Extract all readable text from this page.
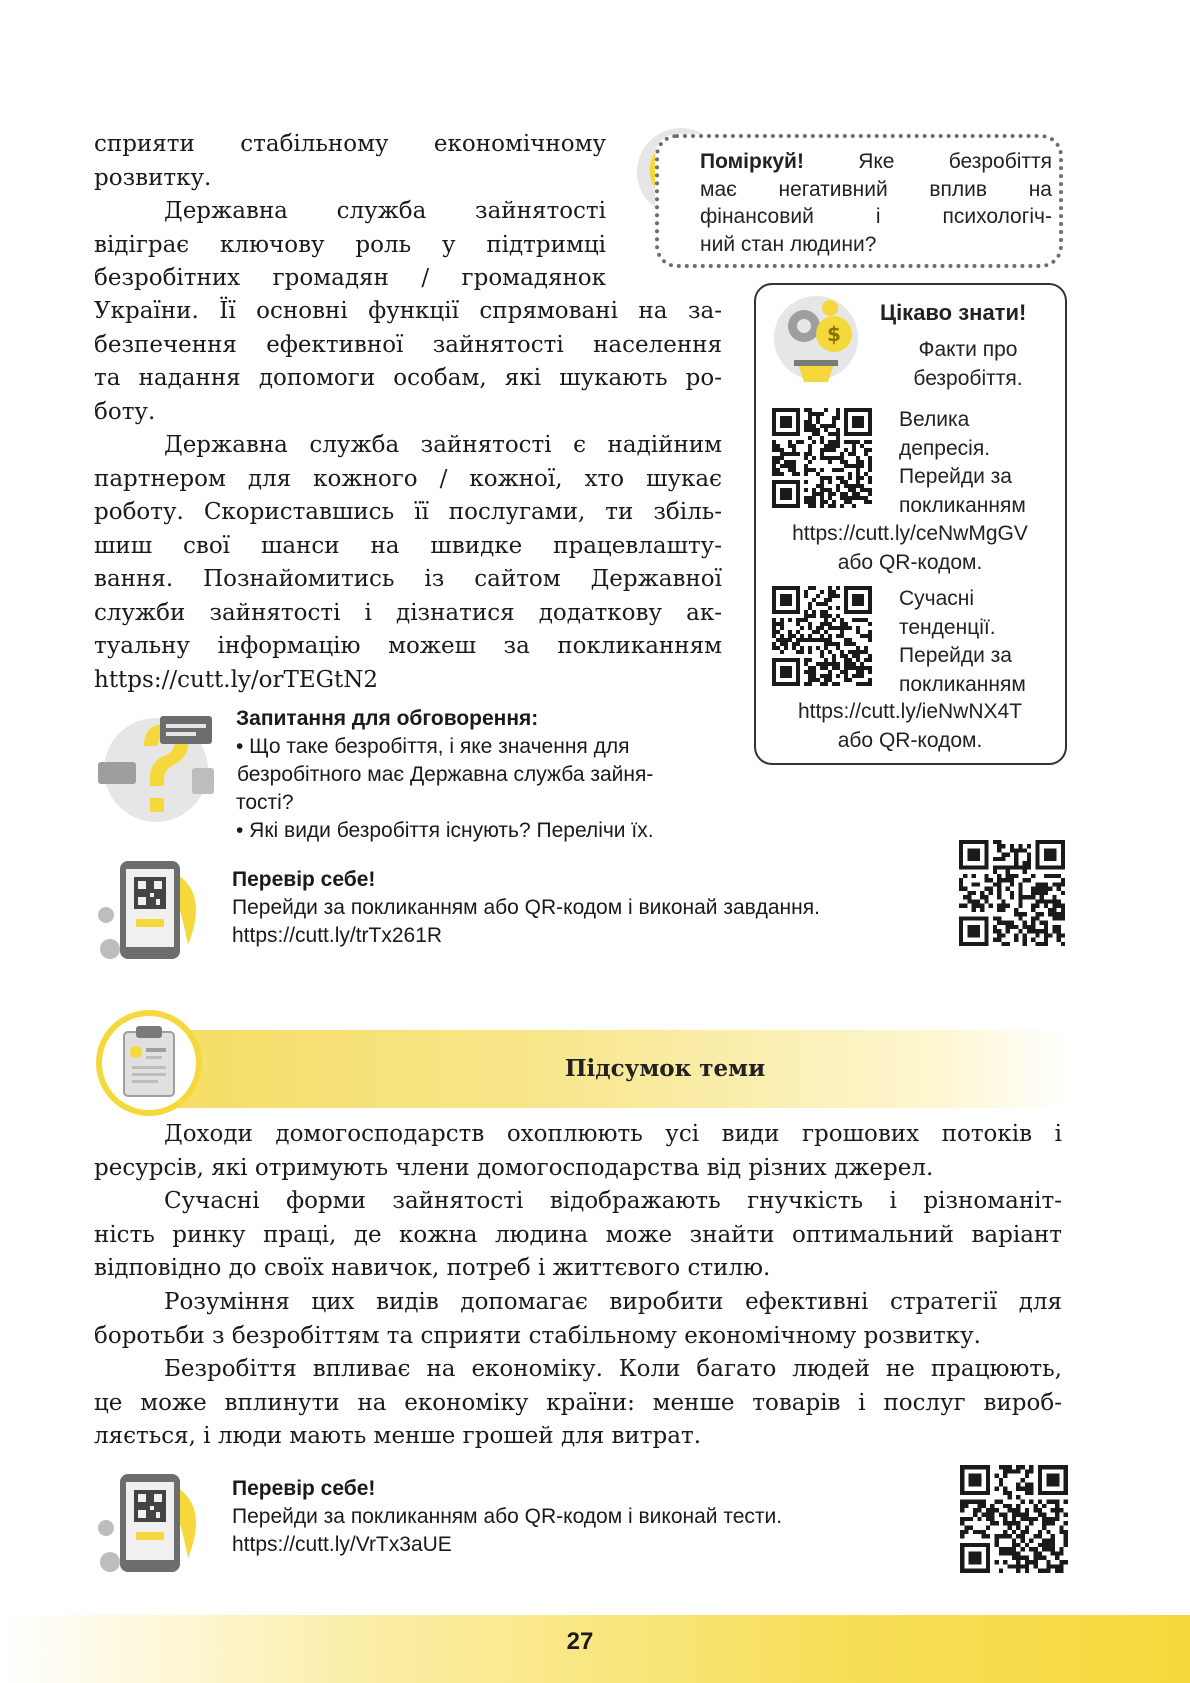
сприяти стабільному економічному
розвитку.
Державна служба зайнятості
відіграє ключову роль у підтримці
безробітних громадян / громадянок
України. Її основні функції спрямовані на за-
безпечення ефективної зайнятості населення
та надання допомоги особам, які шукають ро-
боту.
Державна служба зайнятості є надійним
партнером для кожного / кожної, хто шукає
роботу. Скориставшись її послугами, ти збіль-
шиш свої шанси на швидке працевлашту-
вання. Познайомитись із сайтом Державної
служби зайнятості і дізнатися додаткову ак-
туальну інформацію можеш за покликанням
https://cutt.ly/orTEGtN2
Поміркуй!	Яке безробіття
має негативний вплив на
фінансовий і психологіч-
ний стан людини?
$
Цікаво знати!
Факти про
безробіття.
Велика
депресія.
Перейди за
покликанням
https://cutt.ly/ceNwMgGV
або QR-кодом.
Сучасні
тенденції.
Перейди за
покликанням
https://cutt.ly/ieNwNX4T
або QR-кодом.
Запитання для обговорення:
• Що таке безробіття, і яке значення для
безробітного має Державна служба зайня-
тості?
• Які види безробіття існують? Перелічи їх.
Перевір себе!
Перейди за покликанням або QR-кодом і виконай завдання.
https://cutt.ly/trTx261R
Підсумок теми
Доходи домогосподарств охоплюють усі види грошових потоків і
ресурсів, які отримують члени домогосподарства від різних джерел.
Сучасні форми зайнятості відображають гнучкість і різноманіт-
ність ринку праці, де кожна людина може знайти оптимальний варіант
відповідно до своїх навичок, потреб і життєвого стилю.
Розуміння цих видів допомагає виробити ефективні стратегії для
боротьби з безробіттям та сприяти стабільному економічному розвитку.
Безробіття впливає на економіку. Коли багато людей не працюють,
це може вплинути на економіку країни: менше товарів і послуг вироб-
ляється, і люди мають менше грошей для витрат.
Перевір себе!
Перейди за покликанням або QR-кодом і виконай тести.
https://cutt.ly/VrTx3aUE
27
